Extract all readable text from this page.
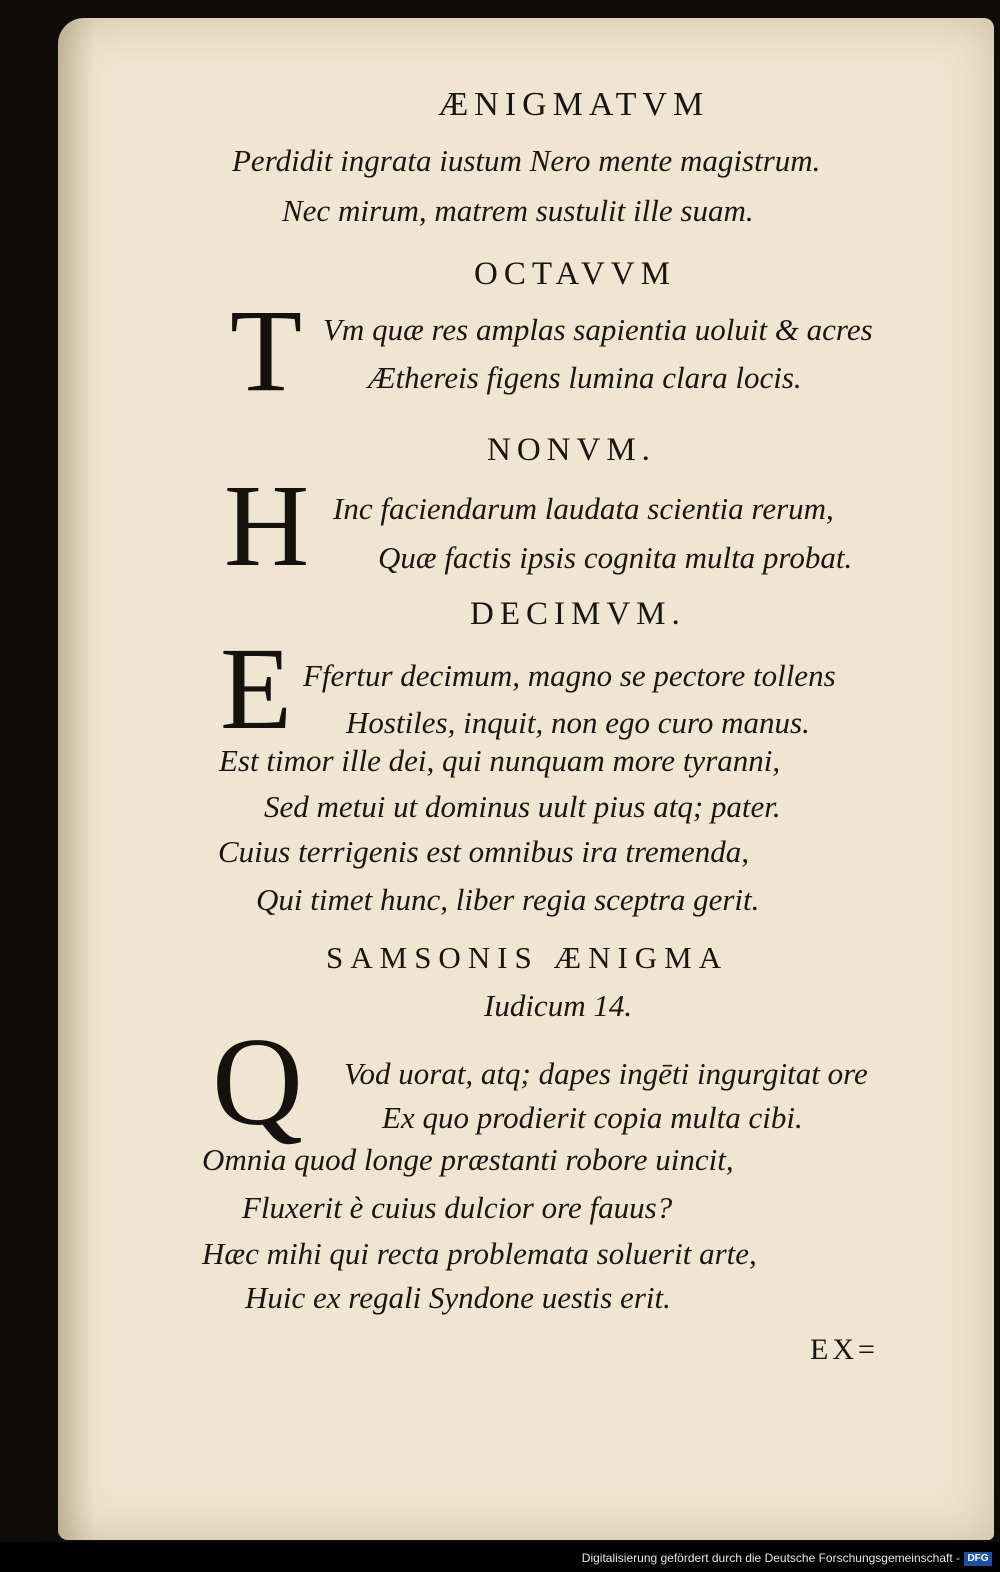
ÆNIGMATVM
Perdidit ingrata iustum Nero mente magistrum.
Nec mirum, matrem sustulit ille suam.
OCTAVVM
T Vm quæ res amplas sapientia uoluit & acres
Æthereis figens lumina clara locis.
NONVM.
H Inc faciendarum laudata scientia rerum,
Quæ factis ipsis cognita multa probat.
DECIMVM.
E Ffertur decimum, magno se pectore tollens
Hostiles, inquit, non ego curo manus.
Est timor ille dei, qui nunquam more tyranni,
Sed metui ut dominus uult pius atq; pater.
Cuius terrigenis est omnibus ira tremenda,
Qui timet hunc, liber regia sceptra gerit.
SAMSONIS ÆNIGMA
Iudicum 14.
Q Vod uorat, atq; dapes ingēti ingurgitat ore
Ex quo prodierit copia multa cibi.
Omnia quod longe præstanti robore uincit,
Fluxerit è cuius dulcior ore fauus?
Hæc mihi qui recta problemata soluerit arte,
Huic ex regali Syndone uestis erit.
EX=
Digitalisierung gefördert durch die Deutsche Forschungsgemeinschaft - DFG
